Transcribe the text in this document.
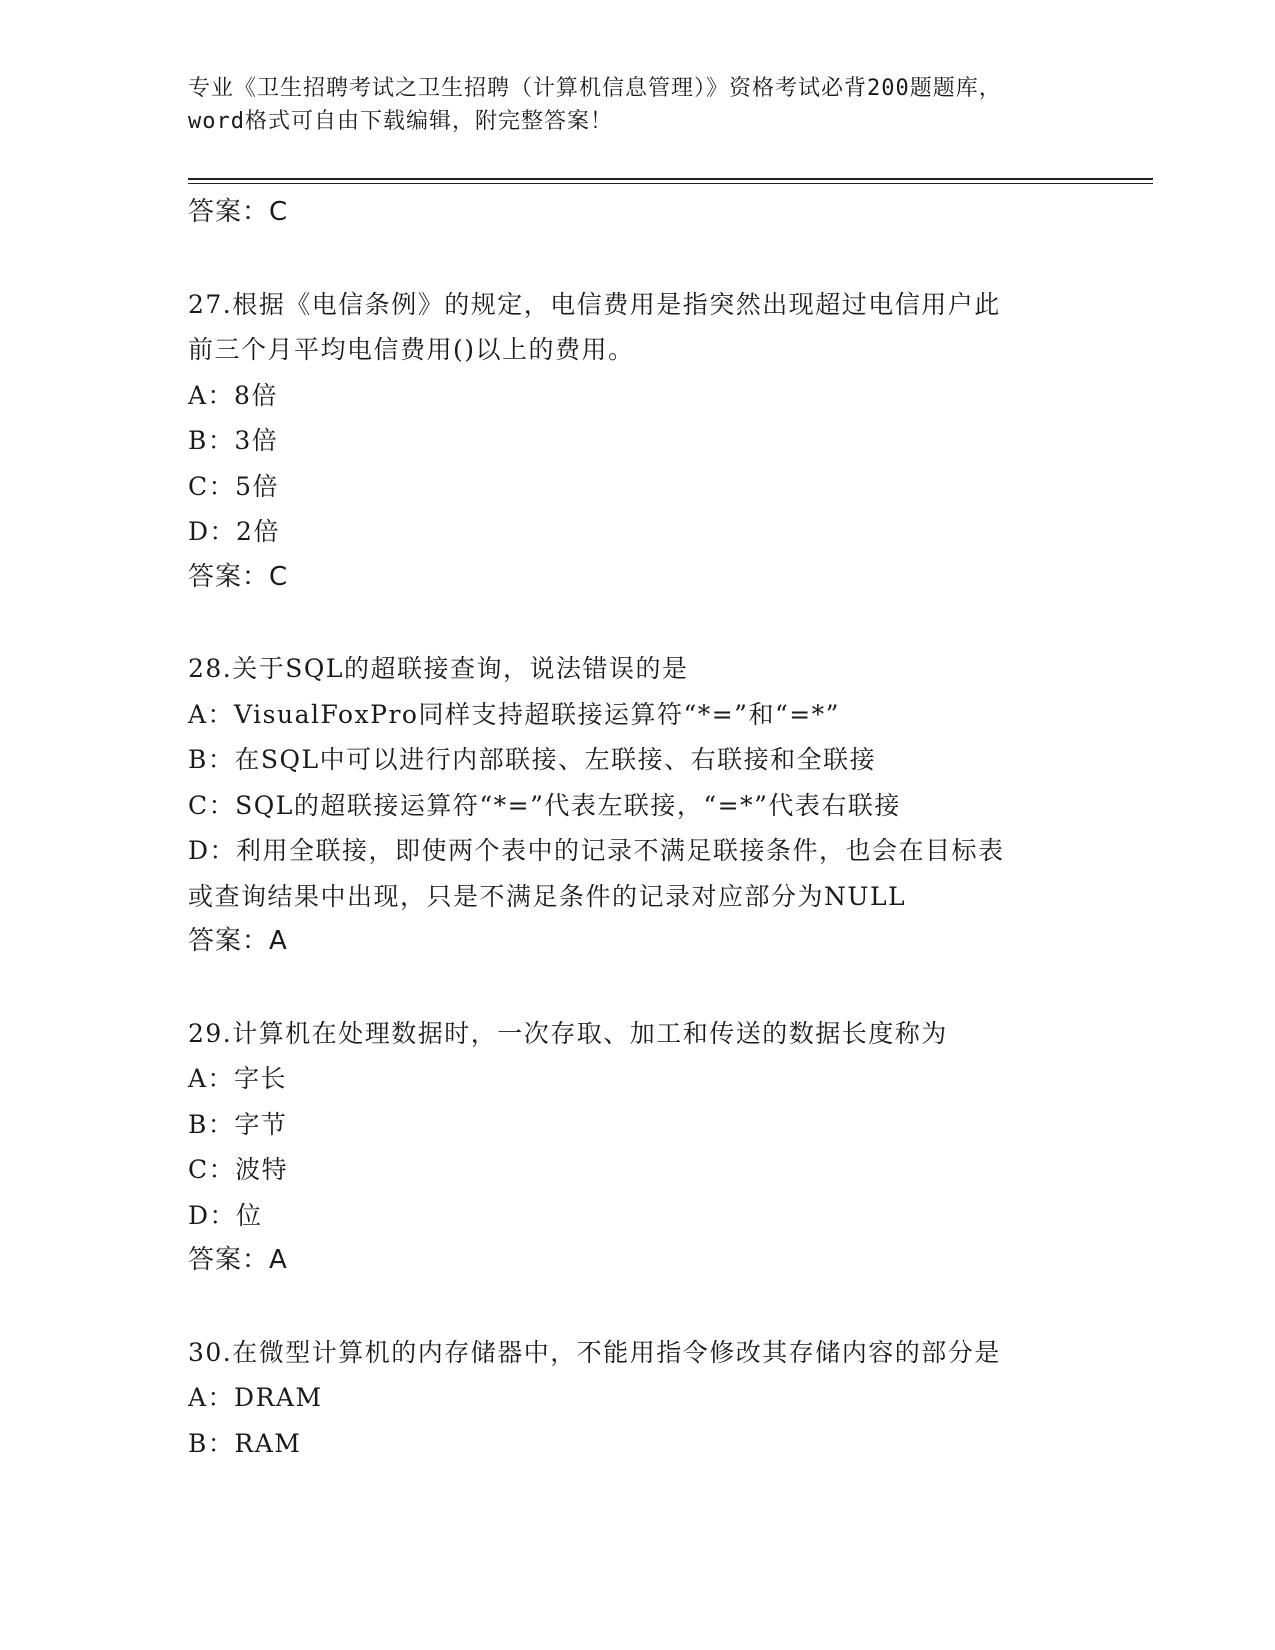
专业《卫生招聘考试之卫生招聘（计算机信息管理）》资格考试必背200题题库，
word格式可自由下载编辑，附完整答案！
答案：C
27.根据《电信条例》的规定，电信费用是指突然出现超过电信用户此
前三个月平均电信费用()以上的费用。
A：8倍
B：3倍
C：5倍
D：2倍
答案：C
28.关于SQL的超联接查询，说法错误的是
A：VisualFoxPro同样支持超联接运算符“*=”和“=*”
B：在SQL中可以进行内部联接、左联接、右联接和全联接
C：SQL的超联接运算符“*=”代表左联接，“=*”代表右联接
D：利用全联接，即使两个表中的记录不满足联接条件，也会在目标表
或查询结果中出现，只是不满足条件的记录对应部分为NULL
答案：A
29.计算机在处理数据时，一次存取、加工和传送的数据长度称为
A：字长
B：字节
C：波特
D：位
答案：A
30.在微型计算机的内存储器中，不能用指令修改其存储内容的部分是
A：DRAM
B：RAM
